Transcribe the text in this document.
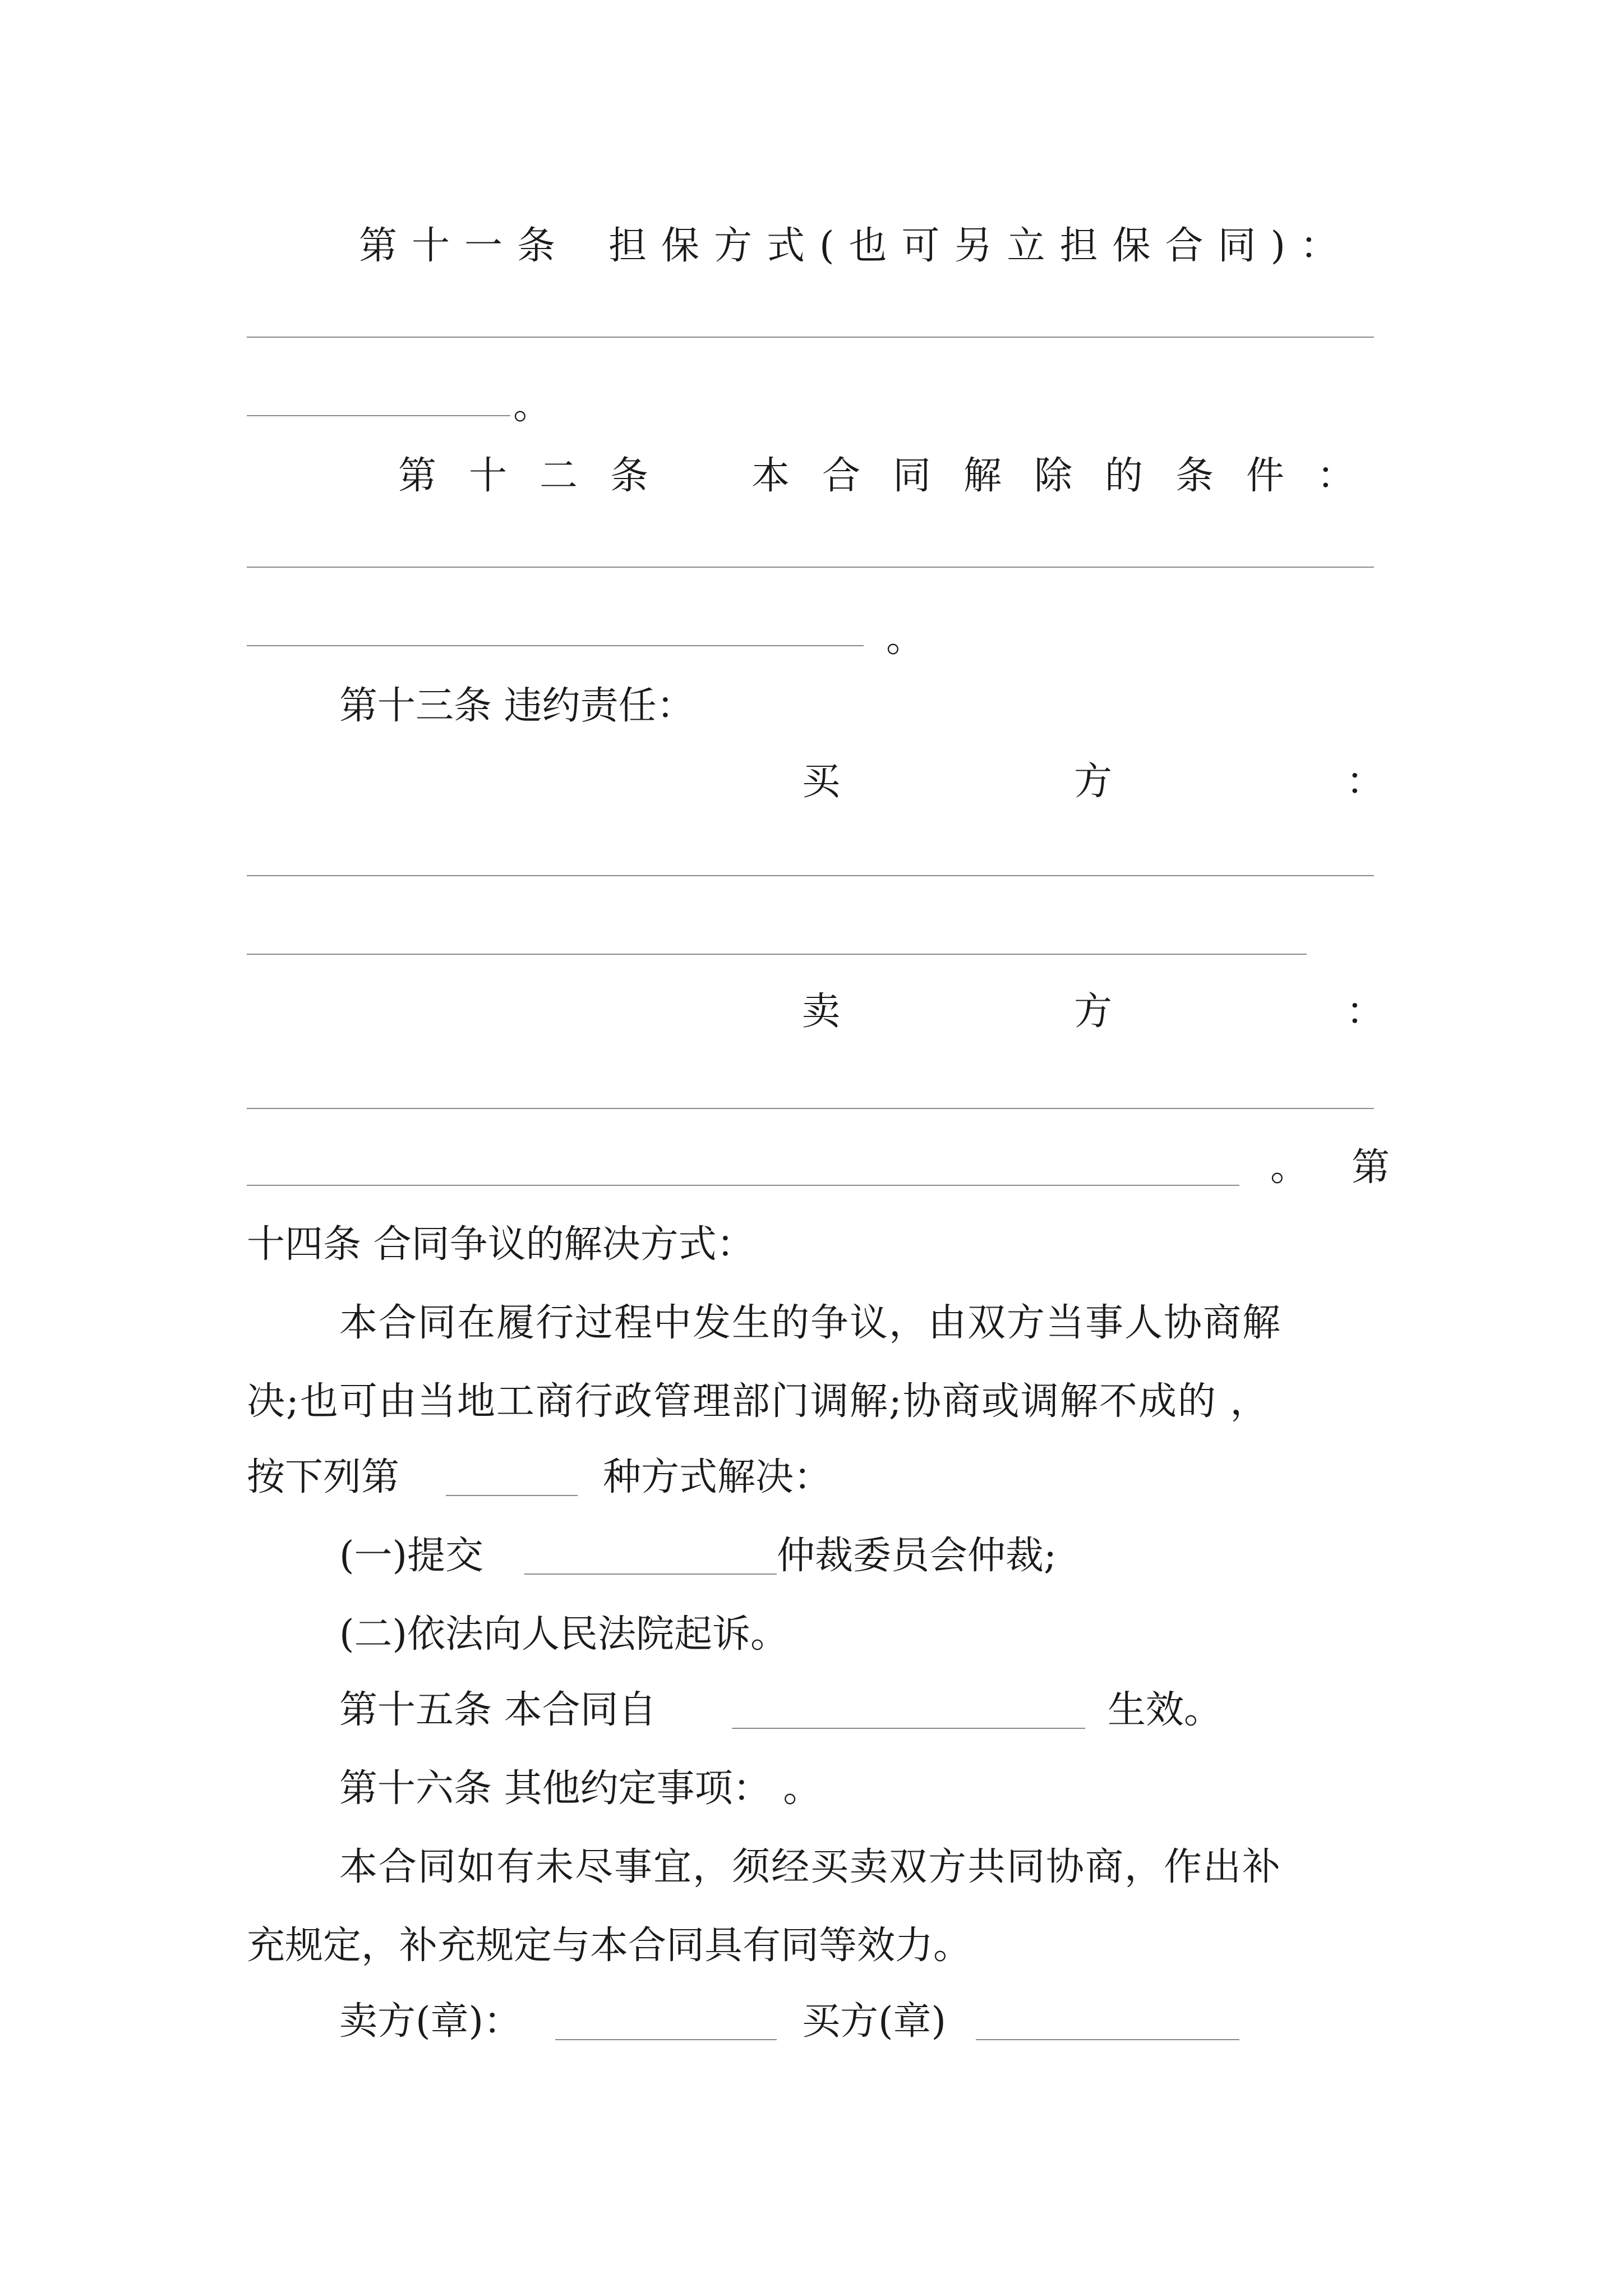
第十一条 担保方式(也可另立担保合同)：
。
第十二条 本合同解除的条件：
。
第十三条 违约责任：
买	方	：
卖	方	：
。 第
十四条 合同争议的解决方式：
本合同在履行过程中发生的争议，由双方当事人协商解
决;也可由当地工商行政管理部门调解;协商或调解不成的 ，
按下列第	种方式解决：
(一)提交	仲裁委员会仲裁;
(二)依法向人民法院起诉。
第十五条 本合同自	生效。
第十六条 其他约定事项： 。
本合同如有未尽事宜，须经买卖双方共同协商，作出补
充规定，补充规定与本合同具有同等效力。
卖方(章)：	买方(章)
